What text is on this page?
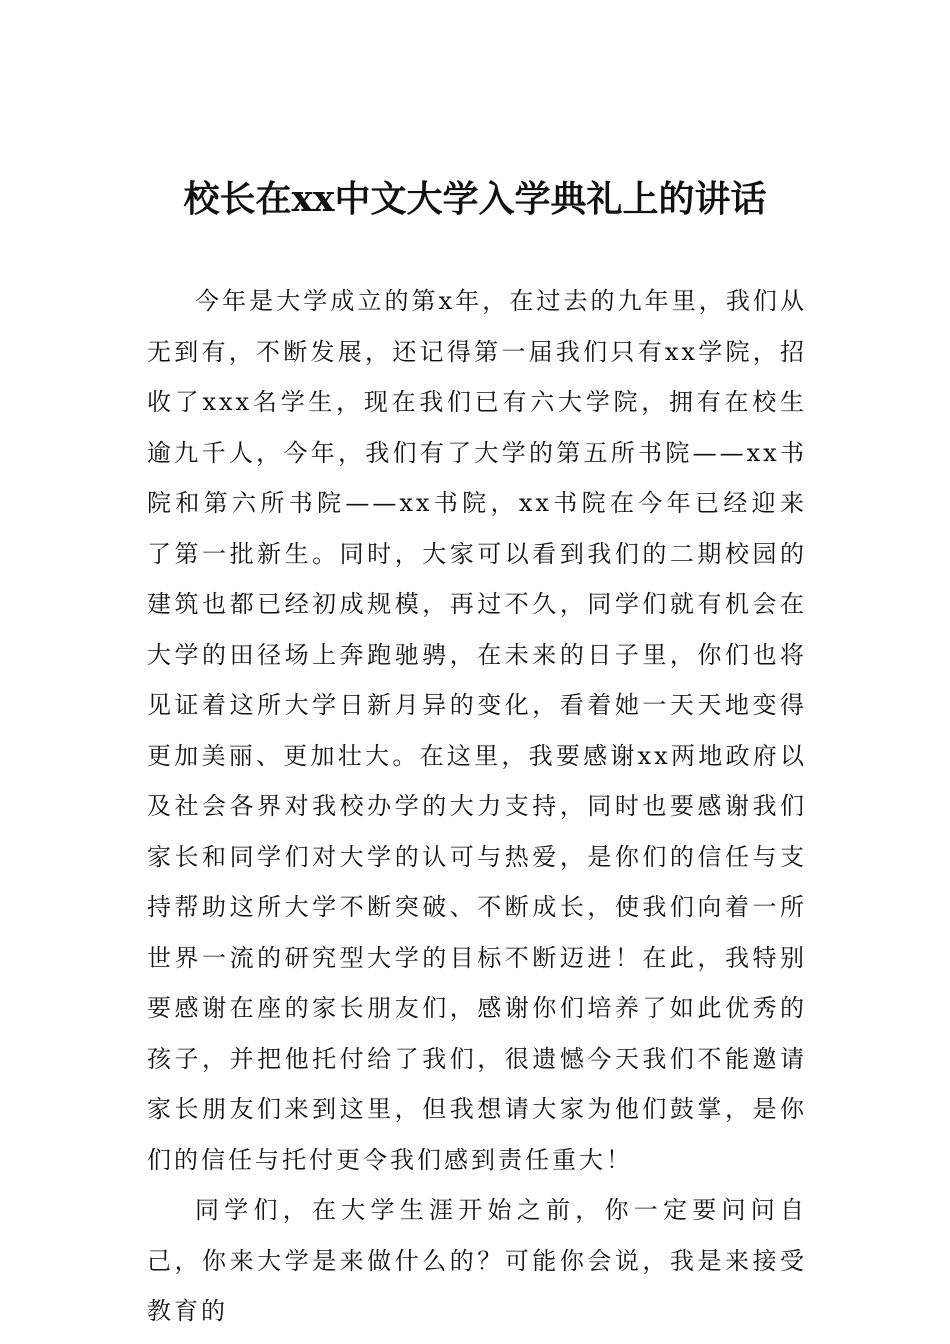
校长在xx中文大学入学典礼上的讲话

今年是大学成立的第x年，在过去的九年里，我们从无到有，不断发展，还记得第一届我们只有xx学院，招收了xxx名学生，现在我们已有六大学院，拥有在校生逾九千人，今年，我们有了大学的第五所书院——xx书院和第六所书院——xx书院，xx书院在今年已经迎来了第一批新生。同时，大家可以看到我们的二期校园的建筑也都已经初成规模，再过不久，同学们就有机会在大学的田径场上奔跑驰骋，在未来的日子里，你们也将见证着这所大学日新月异的变化，看着她一天天地变得更加美丽、更加壮大。在这里，我要感谢xx两地政府以及社会各界对我校办学的大力支持，同时也要感谢我们家长和同学们对大学的认可与热爱，是你们的信任与支持帮助这所大学不断突破、不断成长，使我们向着一所世界一流的研究型大学的目标不断迈进！在此，我特别要感谢在座的家长朋友们，感谢你们培养了如此优秀的孩子，并把他托付给了我们，很遗憾今天我们不能邀请家长朋友们来到这里，但我想请大家为他们鼓掌，是你们的信任与托付更令我们感到责任重大！

同学们，在大学生涯开始之前，你一定要问问自己，你来大学是来做什么的？可能你会说，我是来接受教育的
